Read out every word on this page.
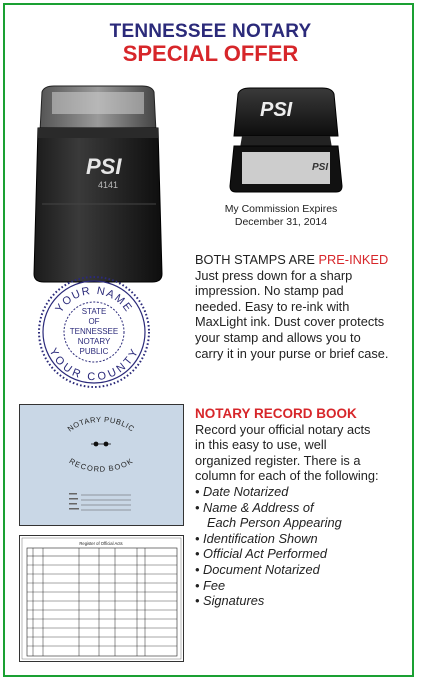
TENNESSEE NOTARY
SPECIAL OFFER
PSI
4141
PSI
PSI
My Commission Expires
December 31, 2014
YOUR NAME
YOUR COUNTY
STATE
OF
TENNESSEE
NOTARY
PUBLIC
BOTH STAMPS ARE PRE-INKED
Just press down for a sharp
impression. No stamp pad
needed. Easy to re-ink with
MaxLight ink. Dust cover protects
your stamp and allows you to
carry it in your purse or brief case.
NOTARY PUBLIC
RECORD BOOK
Register of Official Acts
NOTARY RECORD BOOK
Record your official notary acts
in this easy to use, well
organized register. There is a
column for each of the following:
• Date Notarized
• Name & Address of
Each Person Appearing
• Identification Shown
• Official Act Performed
• Document Notarized
• Fee
• Signatures
